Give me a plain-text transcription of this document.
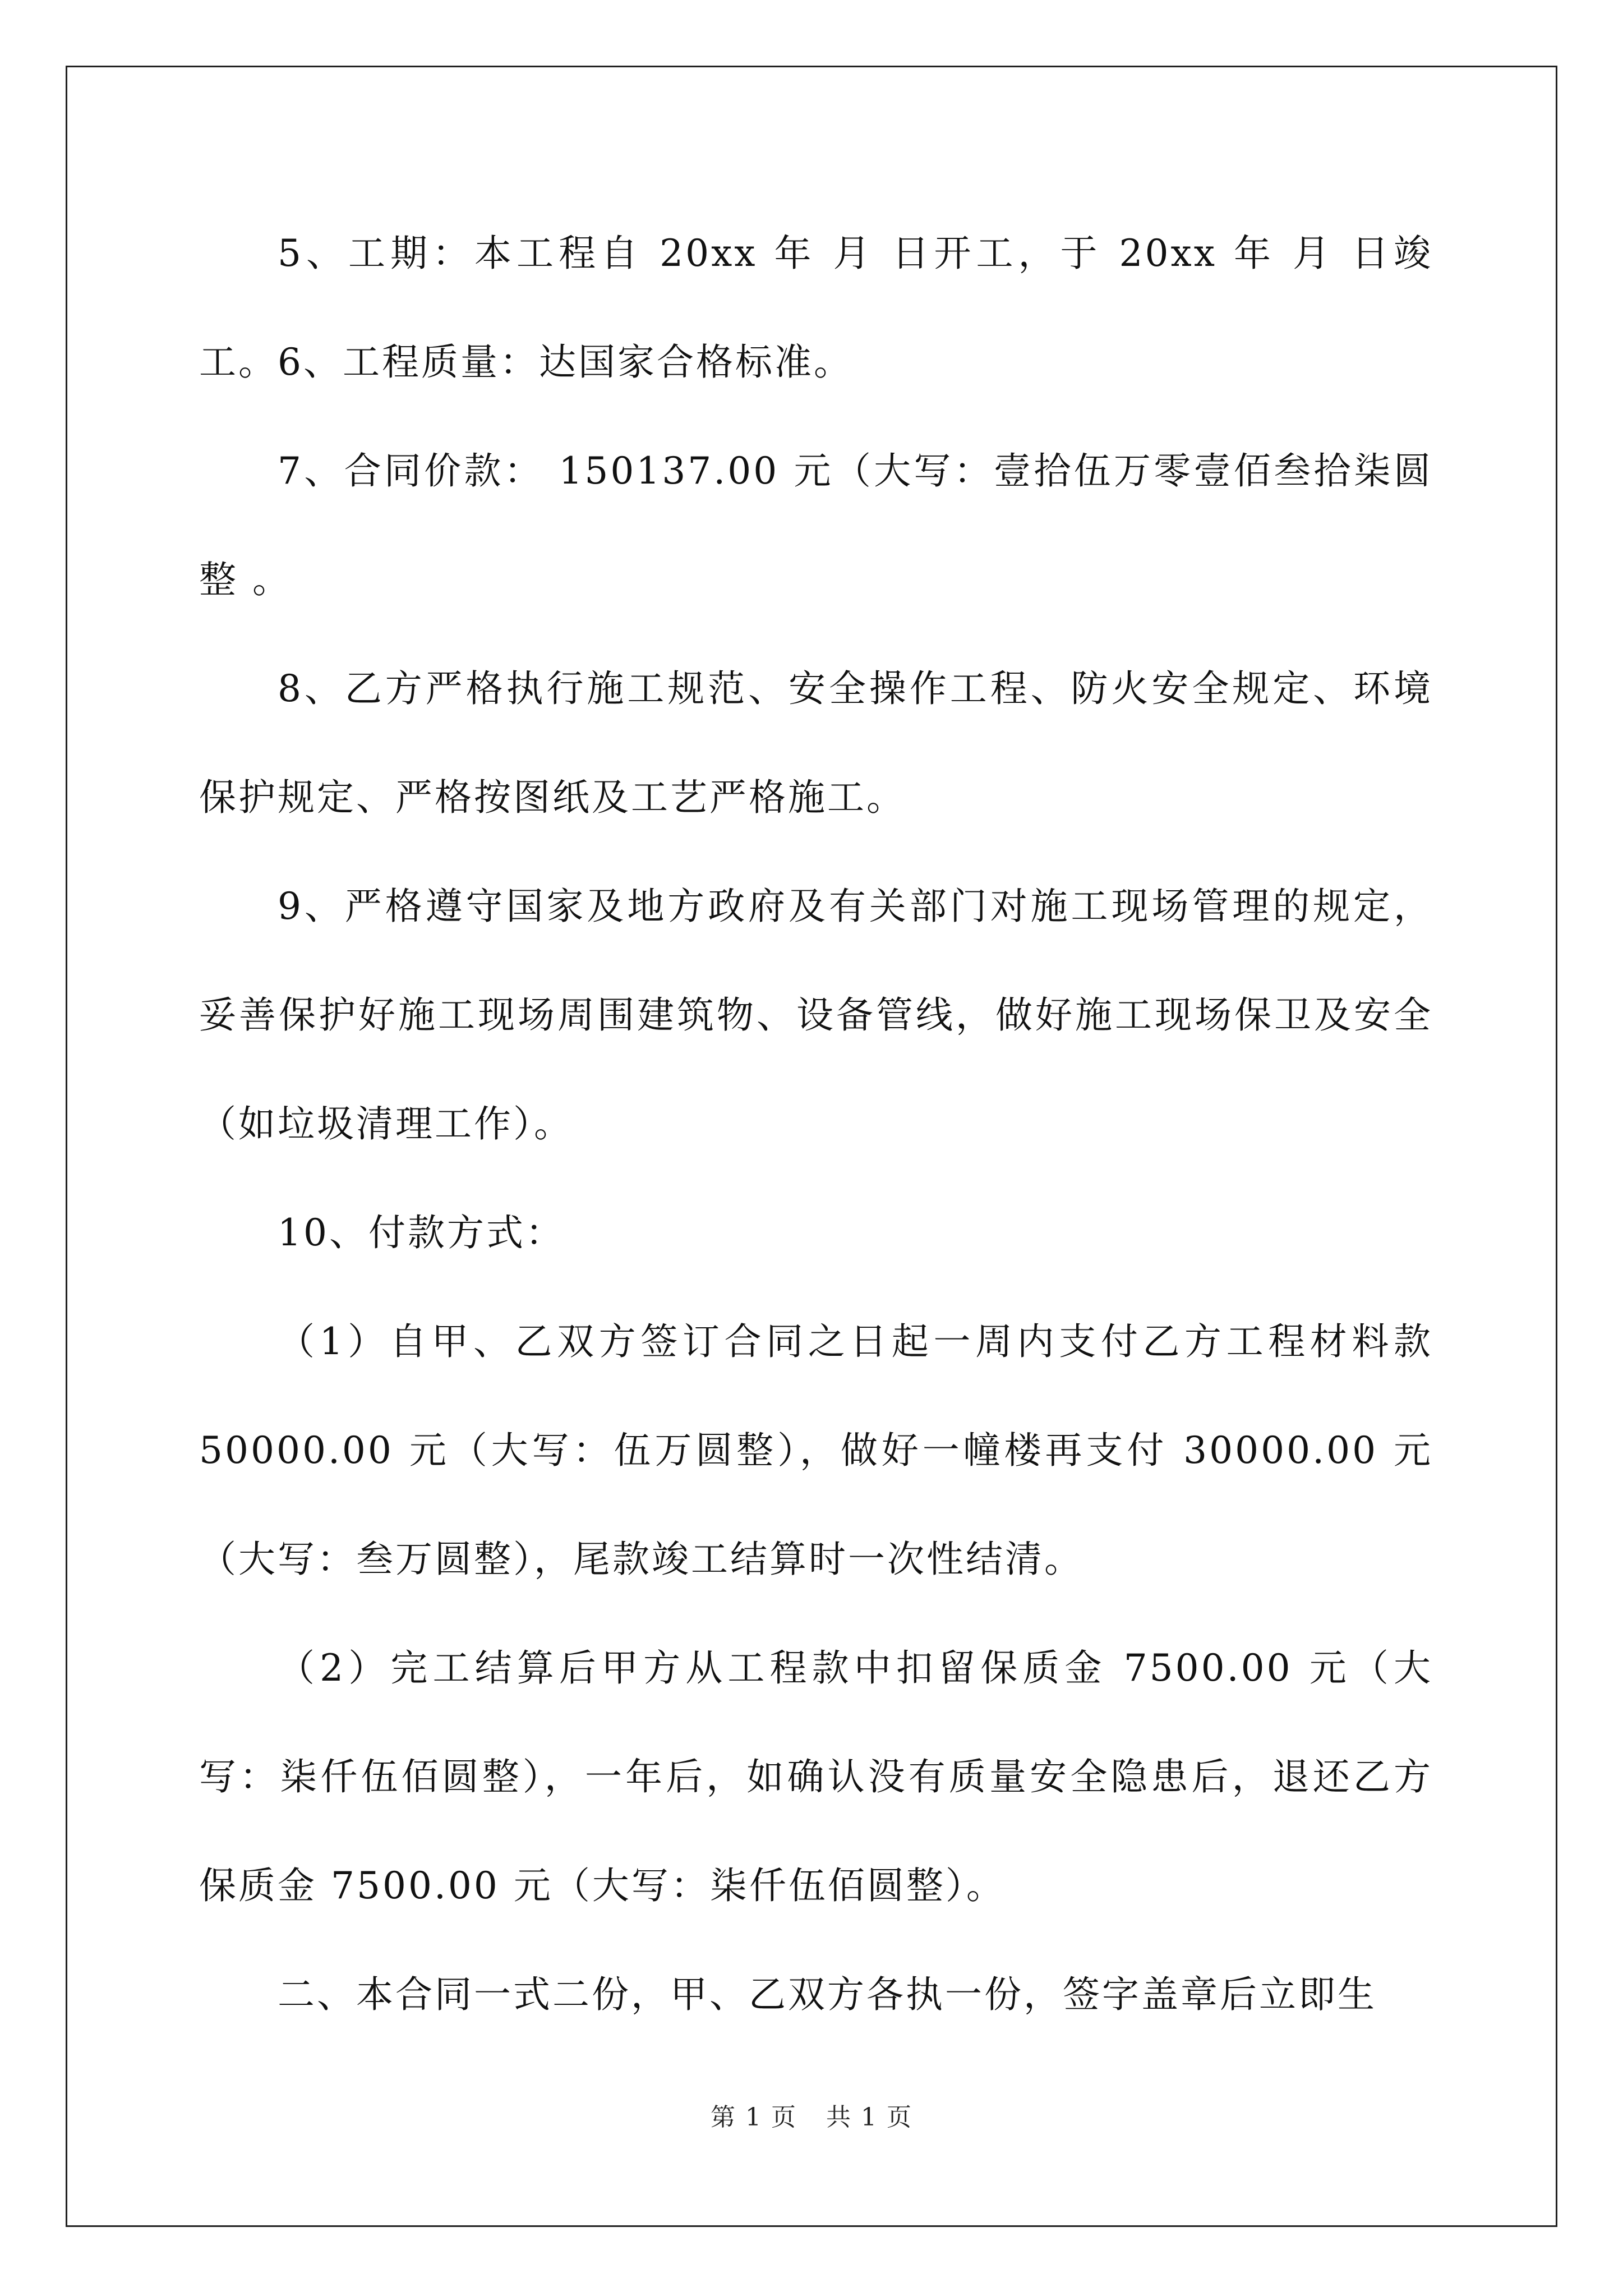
5、工期：本工程自 20xx 年 月 日开工，于 20xx 年 月 日竣工。 6、工程质量：达国家合格标准。

7、合同价款： 150137.00 元（大写：壹拾伍万零壹佰叁拾柒圆整 。

8、乙方严格执行施工规范、安全操作工程、防火安全规定、环境保护规定、严格按图纸及工艺严格施工。

9、严格遵守国家及地方政府及有关部门对施工现场管理的规定，妥善保护好施工现场周围建筑物、设备管线，做好施工现场保卫及安全（如垃圾清理工作）。

10、付款方式：

（1）自甲、乙双方签订合同之日起一周内支付乙方工程材料款 50000.00 元（大写：伍万圆整），做好一幢楼再支付 30000.00 元（大写：叁万圆整），尾款竣工结算时一次性结清。

（2）完工结算后甲方从工程款中扣留保质金 7500.00 元（大写：柒仟伍佰圆整），一年后，如确认没有质量安全隐患后，退还乙方保质金 7500.00 元（大写：柒仟伍佰圆整）。

二、本合同一式二份，甲、乙双方各执一份，签字盖章后立即生

第 1 页 共 1 页
